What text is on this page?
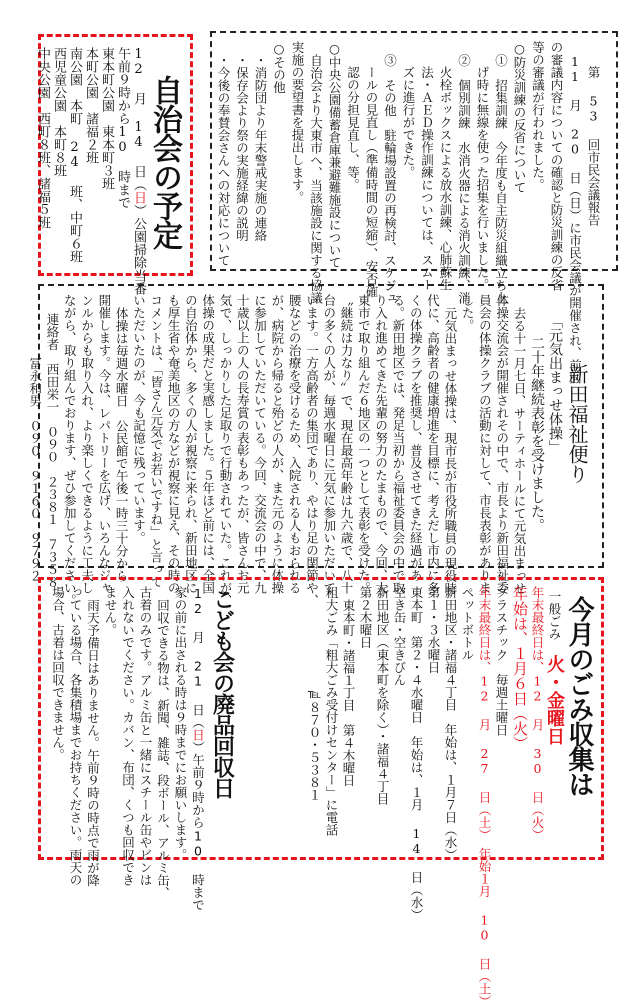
自治会の予定
12 月 14 日（日）公園掃除当番
午前９時から10 時まで
東本町公園　東本町３班
本町公園　諸福２班
南公園　本町 24 班、中町６班
西児童公園　本町８班
中央公園　西町８班、諸福５班	第 53 回市民会議報告
11 月 20 日（日）に市民会議が開催され、前回
の審議内容についての確認と防災訓練の反省
等の審議が行われました。
○防災訓練の反省について
①　招集訓練　今年度も自主防災組織立ち上
げ時に無線を使った招集を行いました。
②　個別訓練　水消火器による消火訓練、消
火栓ボックスによる放水訓練、心肺蘇生
法・ＡＥＤ操作訓練については、スムー
ズに進行ができた。
③　その他　駐輪場設置の再検討、スケジュ
ールの見直し（準備時間の短縮）、安否確
認の分担見直し、等。
○中央公園備蓄倉庫兼避難施設について
自治会より大東市へ、当該施設に関する協議
実施の要望書を提出します。
○その他
・消防団より年末警戒実施の連絡
・保存会より祭の実施経緯の説明
・今後の奉賛会さんへの対応について
新田福祉便り
「元気出まっせ体操」
二十年継続表彰を受けました。
去る十一月七日、サーティホールにて元気出まっせ
体操交流会が開催されその中で、市長より新田福祉委
員会の体操クラブの活動に対して、市長表彰がありま
した。
元気出まっせ体操は、現市長が市役所職員の現役時
代に、高齢者の健康増進を目標に、考えだし市内に多
くの体操クラブを推奨し、普及させてきた経過があ
る。新田地区では、発足当初から福祉委員会の中で取
り入れ進めてきた先輩の努力のたまもので、今回、大
東市で取り組んだ６地区の一つとして表彰を受けた。
〝継続は力なり〟で、現在最高年齢は九六歳で、八十
台の多くの人が、毎週水曜日に元気に参加いただいて
います。一方高齢者の集団であり、やはり足の関節や、
腰などの治療を受けるため、入院される人もおられる
が、病院から帰ると殆どの人が、また元のように体操
に参加していただいている。今回、交流会の中で、九
十歳以上の人の長寿賞の表彰もあったが、皆さんお元
気で、しっかりした足取りで行動されていた。これが、
体操の成果だと実感しました。５年ほど前には、全国
の自治体から、多くの人が視察に来られ、新田地区に
も厚生省や奄美地区の方などが視察に見え、その時の
コメントは、「皆さん元気でお若いですね」と言って
いただいたのが、今も記憶に残っています。
体操は毎週水曜日　公民館で午後一時三十分から
開催します。今は、レパトリーを広げ、いろんなジャ
ンルからも取り入れ、より楽しくできるように工夫し
ながら、取り組んでおります、ぜひ参加してください。
連絡者　西田栄一　０９０　２３８１　７３５８
冨永和男　０９０　９１６０　９７９２
今月のごみ収集は
一般ごみ 火・金曜日
年末最終日は、12 月 30 日（火）
年始は、１月６日（火）
プラスチック　毎週土曜日
年末最終日は、12 月 27 日（土）　年始１月 10 日（土）
ペットボトル
新田地区・諸福４丁目　年始は、１月７日（水）
第１・３水曜日
東本町　第２・４水曜日　年始は、１月 14 日（水）
空き缶・空きびん
新田地区（東本町を除く）・諸福４丁目
第２木曜日
東本町・諸福１丁目　第４木曜日
粗大ごみ「粗大ごみ受付けセンター」に電話
℡８７０・５３８１
こども会の廃品回収日
12 月 21 日（日）午前９時から10 時まで
家の前に出される時は９時までにお願いします。
回収できる物は、新聞、雑誌、段ボール、アルミ缶、
古着のみです。アルミ缶と一緒にスチール缶やビンは
入れないでください。カバン、布団、くつも回収でき
ません。
雨天予備日はありません。午前９時の時点で雨が降
っている場合、各集積場までお持ちください。雨天の
場合、古着は回収できません。
